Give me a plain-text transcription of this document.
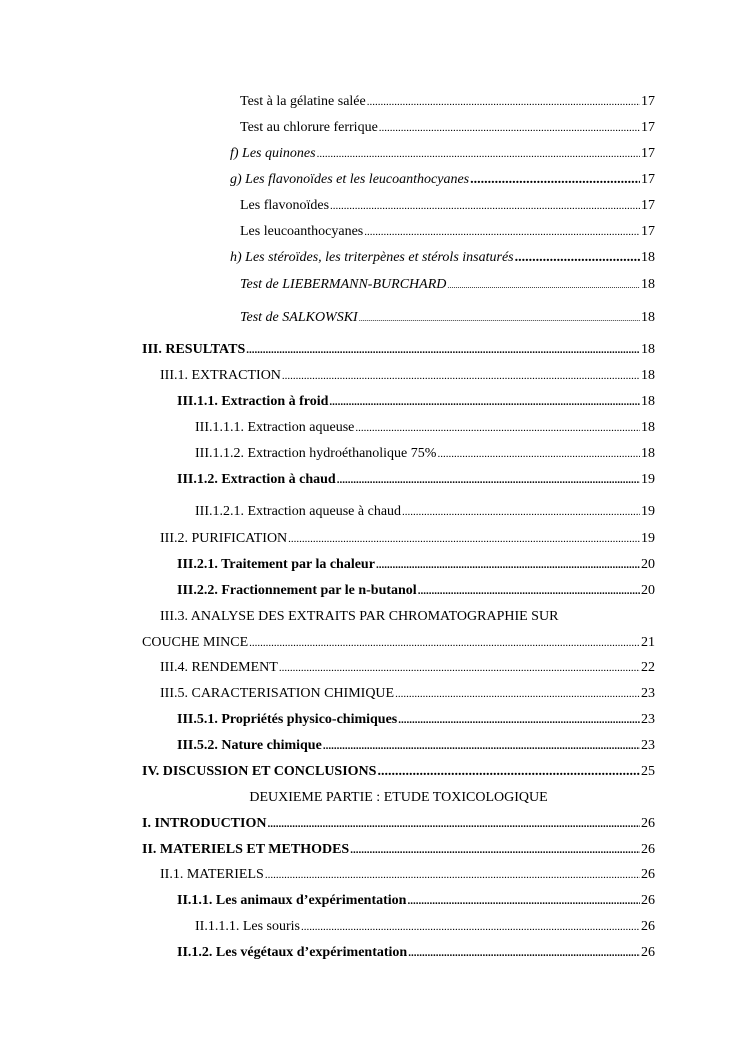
Test à la gélatine salée .....	17
Test au chlorure ferrique .....	17
f) Les quinones .....	17
g) Les flavonoïdes et les leucoanthocyanes .....	17
Les flavonoïdes .....	17
Les leucoanthocyanes .....	17
h) Les stéroïdes, les triterpènes et stérols insaturés .....	18
Test de LIEBERMANN-BURCHARD .....	18
Test de SALKOWSKI .....	18
III. RESULTATS .....	18
III.1. EXTRACTION .....	18
III.1.1. Extraction à froid .....	18
III.1.1.1. Extraction aqueuse .....	18
III.1.1.2. Extraction hydroéthanolique 75% .....	18
III.1.2. Extraction à chaud .....	19
III.1.2.1. Extraction aqueuse à chaud .....	19
III.2. PURIFICATION .....	19
III.2.1. Traitement par la chaleur .....	20
III.2.2. Fractionnement par le n-butanol .....	20
III.3. ANALYSE DES EXTRAITS PAR CHROMATOGRAPHIE SUR
COUCHE MINCE .....	21
III.4. RENDEMENT .....	22
III.5. CARACTERISATION CHIMIQUE .....	23
III.5.1. Propriétés physico-chimiques .....	23
III.5.2. Nature chimique .....	23
IV. DISCUSSION ET CONCLUSIONS .....	25
DEUXIEME PARTIE : ETUDE TOXICOLOGIQUE
I. INTRODUCTION .....	26
II. MATERIELS ET METHODES .....	26
II.1. MATERIELS .....	26
II.1.1. Les animaux d’expérimentation .....	26
II.1.1.1. Les souris .....	26
II.1.2. Les végétaux d’expérimentation .....	26
